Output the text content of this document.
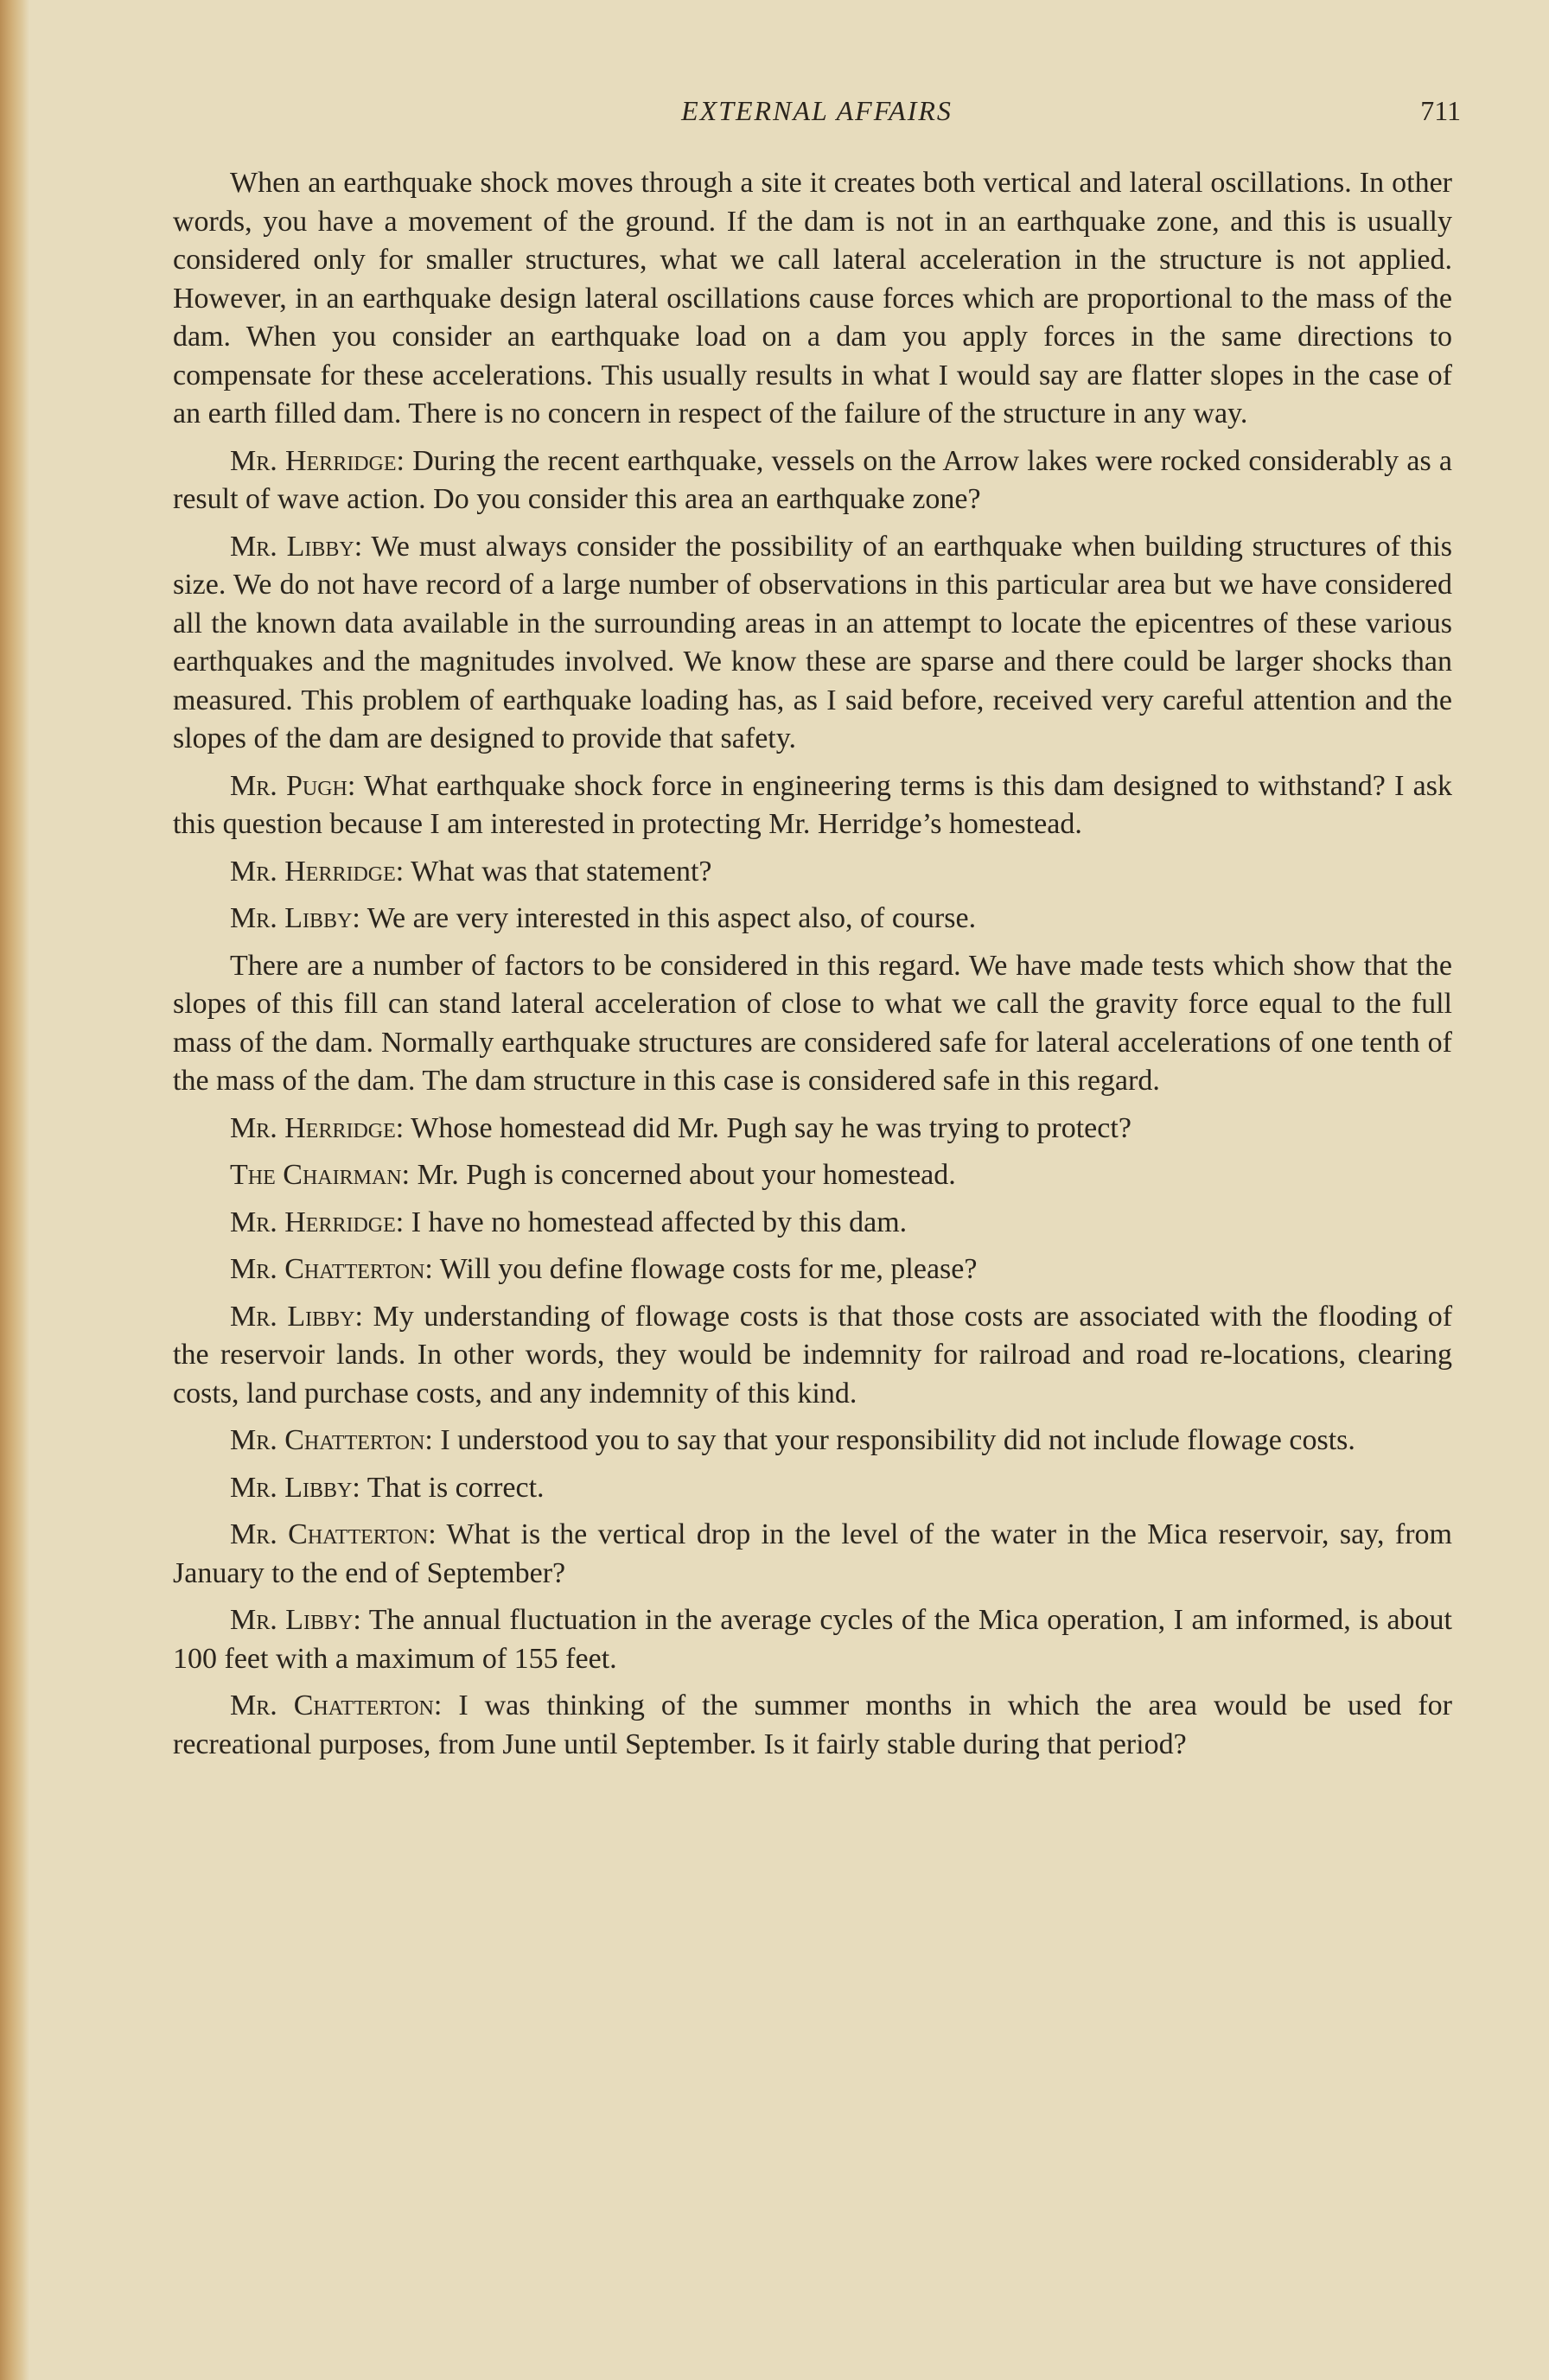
EXTERNAL AFFAIRS	711

When an earthquake shock moves through a site it creates both vertical and lateral oscillations. In other words, you have a movement of the ground. If the dam is not in an earthquake zone, and this is usually considered only for smaller structures, what we call lateral acceleration in the structure is not applied. However, in an earthquake design lateral oscillations cause forces which are proportional to the mass of the dam. When you consider an earthquake load on a dam you apply forces in the same directions to compensate for these accelerations. This usually results in what I would say are flatter slopes in the case of an earth filled dam. There is no concern in respect of the failure of the structure in any way.

Mr. Herridge: During the recent earthquake, vessels on the Arrow lakes were rocked considerably as a result of wave action. Do you consider this area an earthquake zone?

Mr. Libby: We must always consider the possibility of an earthquake when building structures of this size. We do not have record of a large number of observations in this particular area but we have considered all the known data available in the surrounding areas in an attempt to locate the epicentres of these various earthquakes and the magnitudes involved. We know these are sparse and there could be larger shocks than measured. This problem of earthquake loading has, as I said before, received very careful attention and the slopes of the dam are designed to provide that safety.

Mr. Pugh: What earthquake shock force in engineering terms is this dam designed to withstand? I ask this question because I am interested in protecting Mr. Herridge’s homestead.

Mr. Herridge: What was that statement?

Mr. Libby: We are very interested in this aspect also, of course.

There are a number of factors to be considered in this regard. We have made tests which show that the slopes of this fill can stand lateral acceleration of close to what we call the gravity force equal to the full mass of the dam. Normally earthquake structures are considered safe for lateral accelerations of one tenth of the mass of the dam. The dam structure in this case is considered safe in this regard.

Mr. Herridge: Whose homestead did Mr. Pugh say he was trying to protect?

The Chairman: Mr. Pugh is concerned about your homestead.

Mr. Herridge: I have no homestead affected by this dam.

Mr. Chatterton: Will you define flowage costs for me, please?

Mr. Libby: My understanding of flowage costs is that those costs are associated with the flooding of the reservoir lands. In other words, they would be indemnity for railroad and road re-locations, clearing costs, land purchase costs, and any indemnity of this kind.

Mr. Chatterton: I understood you to say that your responsibility did not include flowage costs.

Mr. Libby: That is correct.

Mr. Chatterton: What is the vertical drop in the level of the water in the Mica reservoir, say, from January to the end of September?

Mr. Libby: The annual fluctuation in the average cycles of the Mica operation, I am informed, is about 100 feet with a maximum of 155 feet.

Mr. Chatterton: I was thinking of the summer months in which the area would be used for recreational purposes, from June until September. Is it fairly stable during that period?
